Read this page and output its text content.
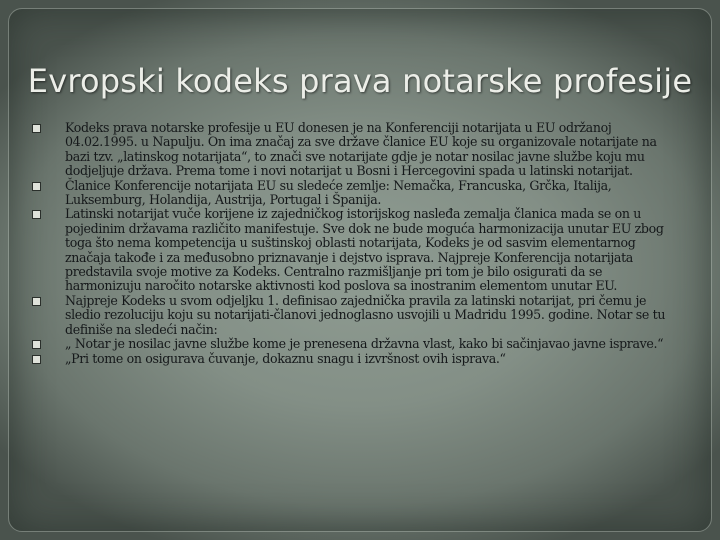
Evropski kodeks prava notarske profesije
Kodeks prava notarske profesije u EU donesen je na Konferenciji notarijata u EU održanoj 04.02.1995. u Napulju. On ima značaj za sve države članice EU koje su organizovale notarijate na bazi tzv. „latinskog notarijata“, to znači sve notarijate gdje je notar nosilac javne službe koju mu dodjeljuje država. Prema tome i novi notarijat u Bosni i Hercegovini spada u latinski notarijat.
Članice Konferencije notarijata EU su sledeće zemlje: Nemačka, Francuska, Grčka, Italija, Luksemburg, Holandija, Austrija, Portugal i Španija.
Latinski notarijat vuče korijene iz zajedničkog istorijskog nasleđa zemalja članica mada se on u pojedinim državama različito manifestuje. Sve dok ne bude moguća harmonizacija unutar EU zbog toga što nema kompetencija u suštinskoj oblasti notarijata, Kodeks je od sasvim elementarnog značaja takođe i za međusobno priznavanje i dejstvo isprava. Najpreje Konferencija notarijata predstavila svoje motive za Kodeks. Centralno razmišljanje pri tom je bilo osigurati da se harmonizuju naročito notarske aktivnosti kod poslova sa inostranim elementom unutar EU.
Najpreje Kodeks u svom odjeljku 1. definisao zajednička pravila za latinski notarijat, pri čemu je sledio rezoluciju koju su notarijati-članovi jednoglasno usvojili u Madridu 1995. godine. Notar se tu definiše na sledeći način:
„ Notar je nosilac javne službe kome je prenesena državna vlast, kako bi sačinjavao javne isprave.“
„Pri tome on osigurava čuvanje, dokaznu snagu i izvršnost ovih isprava.“
